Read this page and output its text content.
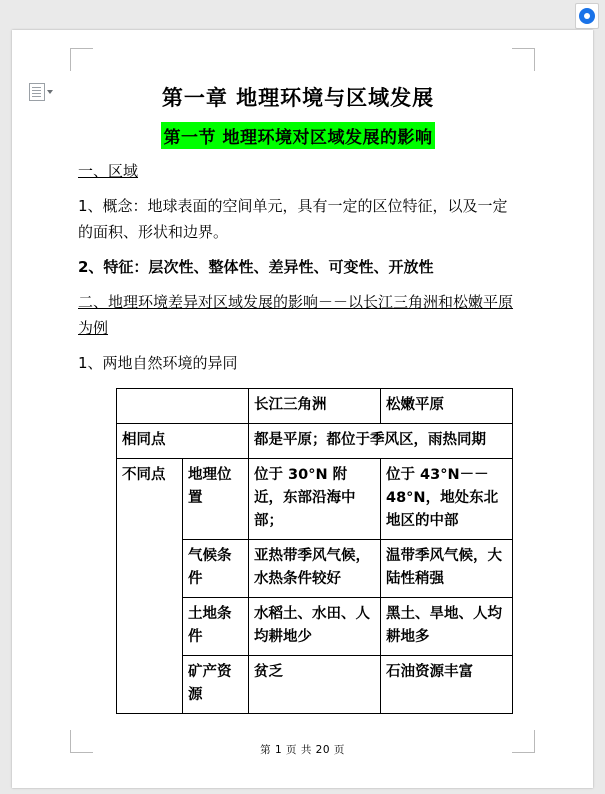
第一章 地理环境与区域发展
第一节 地理环境对区域发展的影响
一、区域
1、概念：地球表面的空间单元，具有一定的区位特征，以及一定的面积、形状和边界。
2、特征：层次性、整体性、差异性、可变性、开放性
二、地理环境差异对区域发展的影响－－以长江三角洲和松嫩平原为例
1、两地自然环境的异同
		长江三角洲	松嫩平原
相同点		都是平原；都位于季风区，雨热同期	
不同点	地理位置	位于 30°N 附近，东部沿海中部；	位于 43°N－－48°N，地处东北地区的中部
	气候条件	亚热带季风气候，水热条件较好	温带季风气候，大陆性稍强
	土地条件	水稻土、水田、人均耕地少	黑土、旱地、人均耕地多
	矿产资源	贫乏	石油资源丰富
第 1 页 共 20 页
